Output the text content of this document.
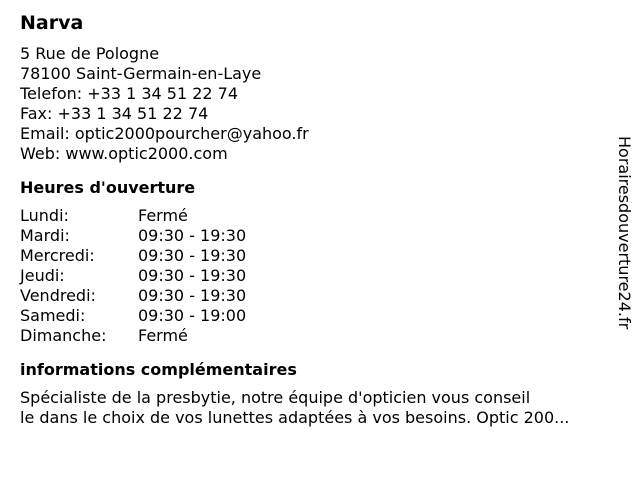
Narva
5 Rue de Pologne
78100 Saint-Germain-en-Laye
Telefon: +33 1 34 51 22 74
Fax: +33 1 34 51 22 74
Email: optic2000pourcher@yahoo.fr
Web: www.optic2000.com
Heures d'ouverture
Lundi:	Fermé
Mardi:	09:30 - 19:30
Mercredi:	09:30 - 19:30
Jeudi:	09:30 - 19:30
Vendredi:	09:30 - 19:30
Samedi:	09:30 - 19:00
Dimanche:	Fermé
informations complémentaires
Spécialiste de la presbytie, notre équipe d'opticien vous conseil
le dans le choix de vos lunettes adaptées à vos besoins. Optic 200...
Horairesdouverture24.fr
